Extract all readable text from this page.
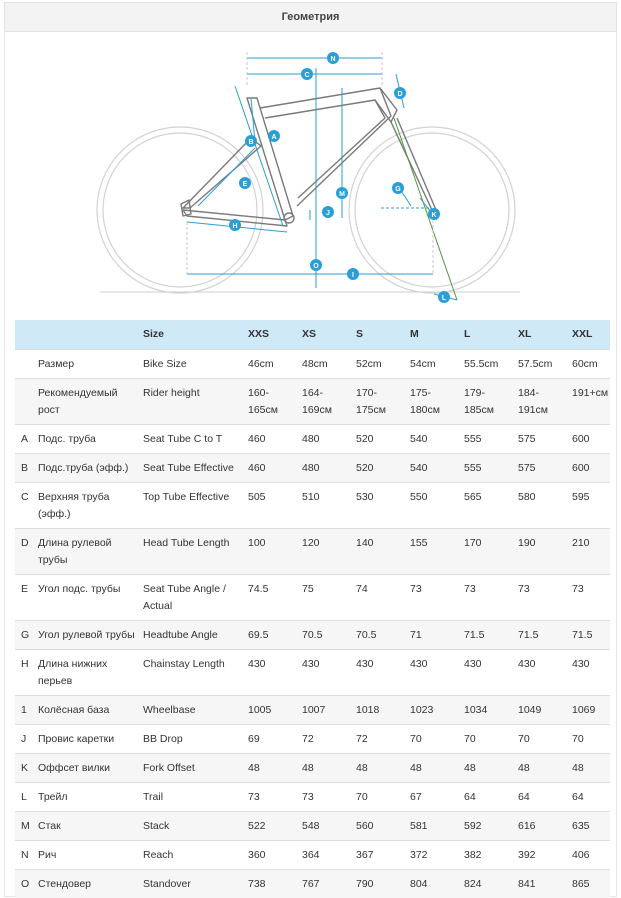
Геометрия
N
C
D
A
B
E
M
J
G
K
H
O
I
L
		Size	XXS	XS	S	M	L	XL	XXL
	Размер	Bike Size	46cm	48cm	52cm	54cm	55.5cm	57.5cm	60cm
	Рекомендуемый рост	Rider height	160-165см	164-169см	170-175см	175-180см	179-185см	184-191см	191+см
A	Подс. труба	Seat Tube C to T	460	480	520	540	555	575	600
B	Подс.труба (эфф.)	Seat Tube Effective	460	480	520	540	555	575	600
C	Верхняя труба (эфф.)	Top Tube Effective	505	510	530	550	565	580	595
D	Длина рулевой трубы	Head Tube Length	100	120	140	155	170	190	210
E	Угол подс. трубы	Seat Tube Angle / Actual	74.5	75	74	73	73	73	73
G	Угол рулевой трубы	Headtube Angle	69.5	70.5	70.5	71	71.5	71.5	71.5
H	Длина нижних перьев	Chainstay Length	430	430	430	430	430	430	430
1	Колёсная база	Wheelbase	1005	1007	1018	1023	1034	1049	1069
J	Провис каретки	BB Drop	69	72	72	70	70	70	70
K	Оффсет вилки	Fork Offset	48	48	48	48	48	48	48
L	Трейл	Trail	73	73	70	67	64	64	64
M	Стак	Stack	522	548	560	581	592	616	635
N	Рич	Reach	360	364	367	372	382	392	406
O	Стендовер	Standover	738	767	790	804	824	841	865
